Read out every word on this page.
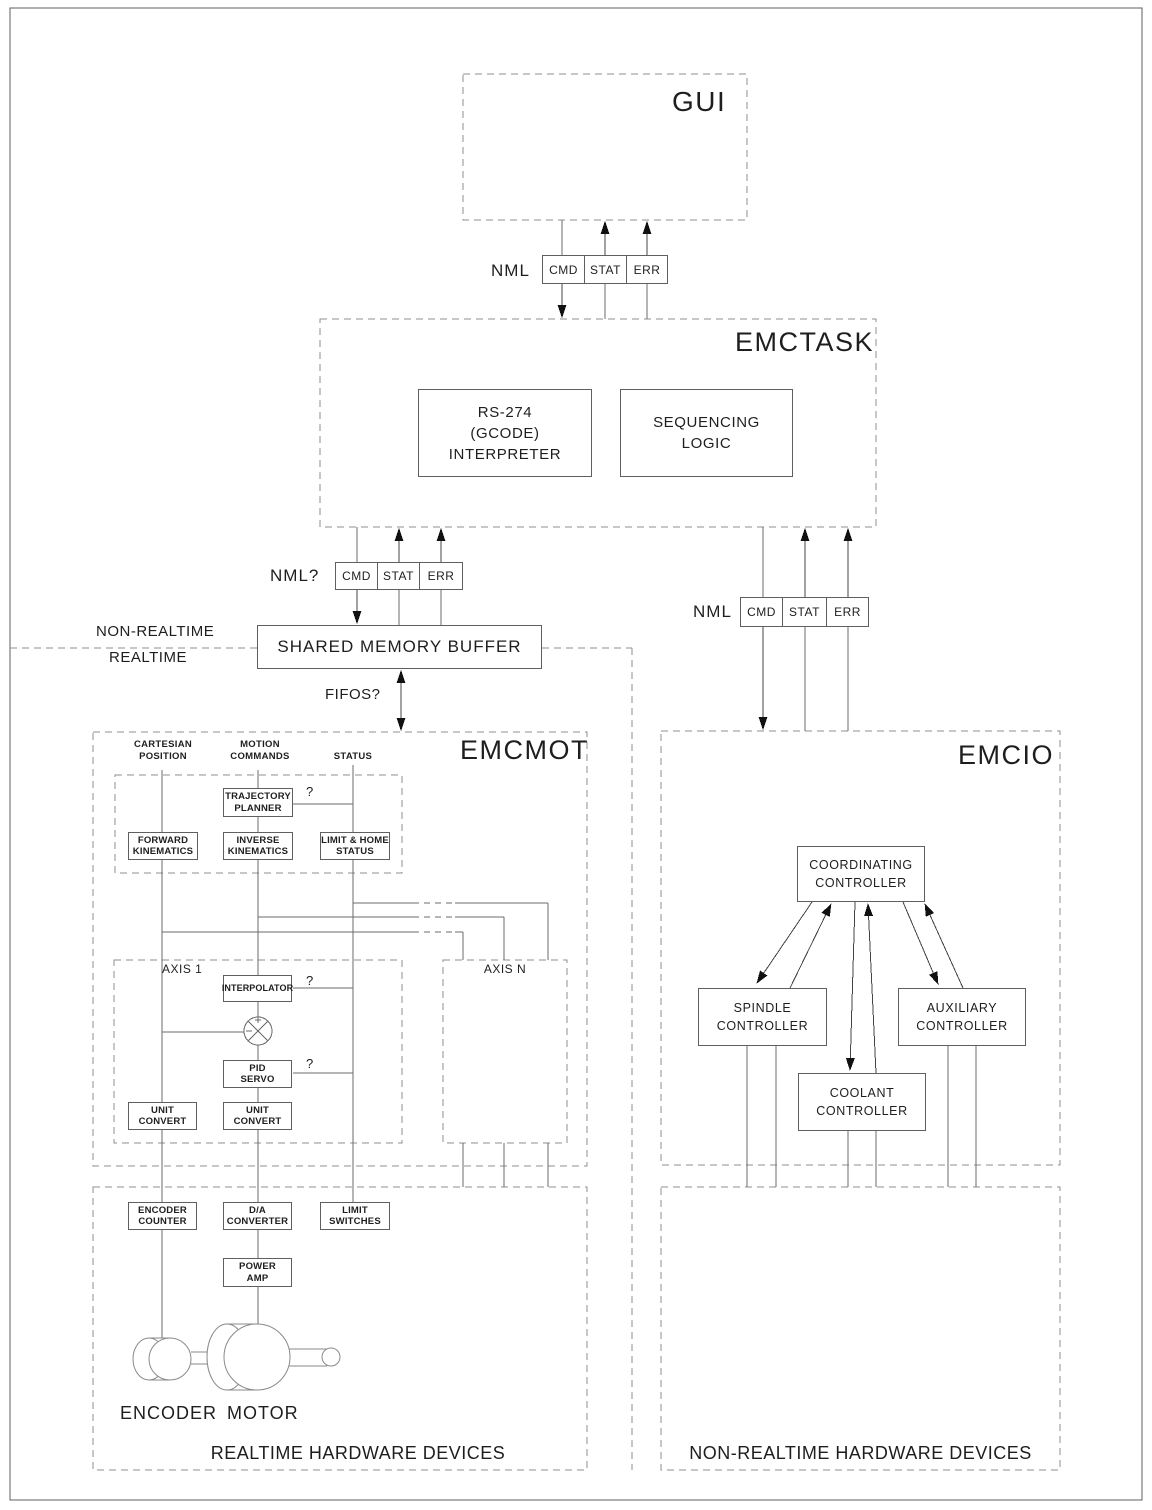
GUI
EMCTASK
EMCMOT	EMCIO
NML	CMD	STAT	ERR
NML?	CMD	STAT	ERR
NML	CMD	STAT	ERR
RS-274
(GCODE)
INTERPRETER
SEQUENCING
LOGIC
NON-REALTIME
REALTIME
SHARED MEMORY BUFFER
FIFOS?
CARTESIAN
POSITION
MOTION
COMMANDS	STATUS
TRAJECTORY
PLANNER
?
FORWARD
KINEMATICS
INVERSE
KINEMATICS
LIMIT & HOME
STATUS
AXIS 1	AXIS N
INTERPOLATOR ?
PID
SERVO
?
UNIT
CONVERT
UNIT
CONVERT
COORDINATING
CONTROLLER
SPINDLE
CONTROLLER
AUXILIARY
CONTROLLER
COOLANT
CONTROLLER
ENCODER
COUNTER
D/A
CONVERTER
LIMIT
SWITCHES
POWER
AMP
ENCODER MOTOR
REALTIME HARDWARE DEVICES	NON-REALTIME HARDWARE DEVICES
